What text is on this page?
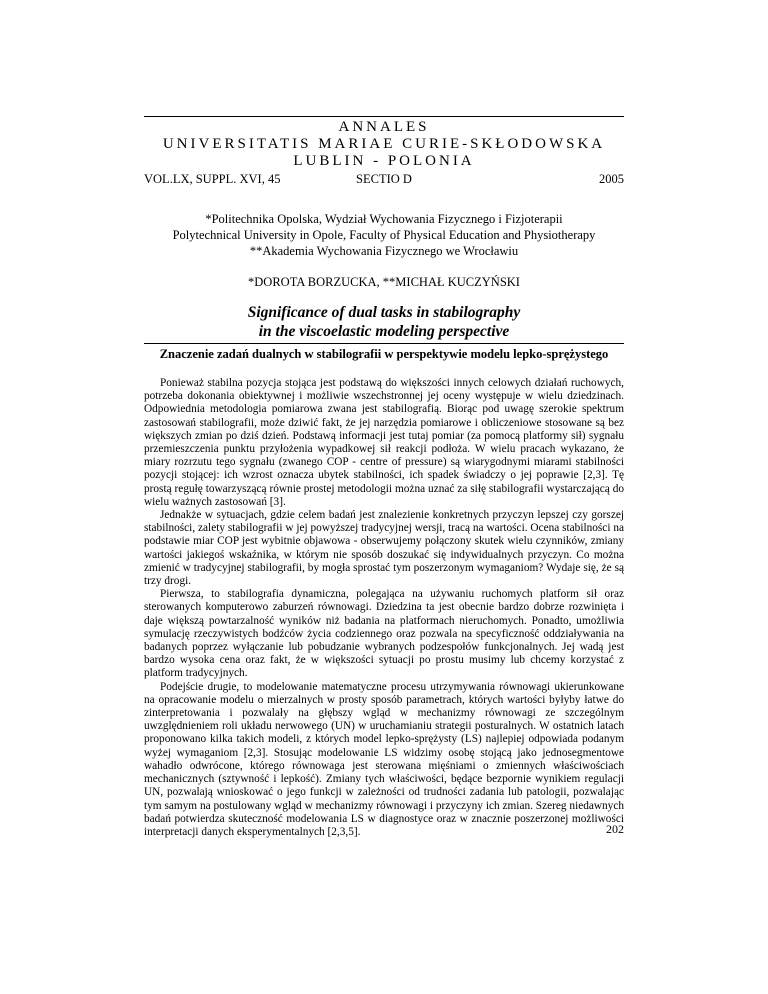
ANNALES
UNIVERSITATIS MARIAE CURIE-SKŁODOWSKA
LUBLIN - POLONIA
VOL.LX, SUPPL. XVI, 45	SECTIO D	2005
*Politechnika Opolska, Wydział Wychowania Fizycznego i Fizjoterapii
Polytechnical University in Opole, Faculty of Physical Education and Physiotherapy
**Akademia Wychowania Fizycznego we Wrocławiu
*DOROTA BORZUCKA, **MICHAŁ KUCZYŃSKI
Significance of dual tasks in stabilography
in the viscoelastic modeling perspective
Znaczenie zadań dualnych w stabilografii w perspektywie modelu lepko-sprężystego

Ponieważ stabilna pozycja stojąca jest podstawą do większości innych celowych działań ruchowych, potrzeba dokonania obiektywnej i możliwie wszechstronnej jej oceny występuje w wielu dziedzinach. Odpowiednia metodologia pomiarowa zwana jest stabilografią. Biorąc pod uwagę szerokie spektrum zastosowań stabilografii, może dziwić fakt, że jej narzędzia pomiarowe i obliczeniowe stosowane są bez większych zmian po dziś dzień. Podstawą informacji jest tutaj pomiar (za pomocą platformy sił) sygnału przemieszczenia punktu przyłożenia wypadkowej sił reakcji podłoża. W wielu pracach wykazano, że miary rozrzutu tego sygnału (zwanego COP - centre of pressure) są wiarygodnymi miarami stabilności pozycji stojącej: ich wzrost oznacza ubytek stabilności, ich spadek świadczy o jej poprawie [2,3]. Tę prostą regułę towarzyszącą równie prostej metodologii można uznać za siłę stabilografii wystarczającą do wielu ważnych zastosowań [3].

Jednakże w sytuacjach, gdzie celem badań jest znalezienie konkretnych przyczyn lepszej czy gorszej stabilności, zalety stabilografii w jej powyższej tradycyjnej wersji, tracą na wartości. Ocena stabilności na podstawie miar COP jest wybitnie objawowa - obserwujemy połączony skutek wielu czynników, zmiany wartości jakiegoś wskaźnika, w którym nie sposób doszukać się indywidualnych przyczyn. Co można zmienić w tradycyjnej stabilografii, by mogła sprostać tym poszerzonym wymaganiom? Wydaje się, że są trzy drogi.

Pierwsza, to stabilografia dynamiczna, polegająca na używaniu ruchomych platform sił oraz sterowanych komputerowo zaburzeń równowagi. Dziedzina ta jest obecnie bardzo dobrze rozwinięta i daje większą powtarzalność wyników niż badania na platformach nieruchomych. Ponadto, umożliwia symulację rzeczywistych bodźców życia codziennego oraz pozwala na specyficzność oddziaływania na badanych poprzez wyłączanie lub pobudzanie wybranych podzespołów funkcjonalnych. Jej wadą jest bardzo wysoka cena oraz fakt, że w większości sytuacji po prostu musimy lub chcemy korzystać z platform tradycyjnych.

Podejście drugie, to modelowanie matematyczne procesu utrzymywania równowagi ukierunkowane na opracowanie modelu o mierzalnych w prosty sposób parametrach, których wartości byłyby łatwe do zinterpretowania i pozwalały na głębszy wgląd w mechanizmy równowagi ze szczególnym uwzględnieniem roli układu nerwowego (UN) w uruchamianiu strategii posturalnych. W ostatnich latach proponowano kilka takich modeli, z których model lepko-sprężysty (LS) najlepiej odpowiada podanym wyżej wymaganiom [2,3]. Stosując modelowanie LS widzimy osobę stojącą jako jednosegmentowe wahadło odwrócone, którego równowaga jest sterowana mięśniami o zmiennych właściwościach mechanicznych (sztywność i lepkość). Zmiany tych właściwości, będące bezpornie wynikiem regulacji UN, pozwalają wnioskować o jego funkcji w zależności od trudności zadania lub patologii, pozwalając tym samym na postulowany wgląd w mechanizmy równowagi i przyczyny ich zmian. Szereg niedawnych badań potwierdza skuteczność modelowania LS w diagnostyce oraz w znacznie poszerzonej możliwości interpretacji danych eksperymentalnych [2,3,5].	202
